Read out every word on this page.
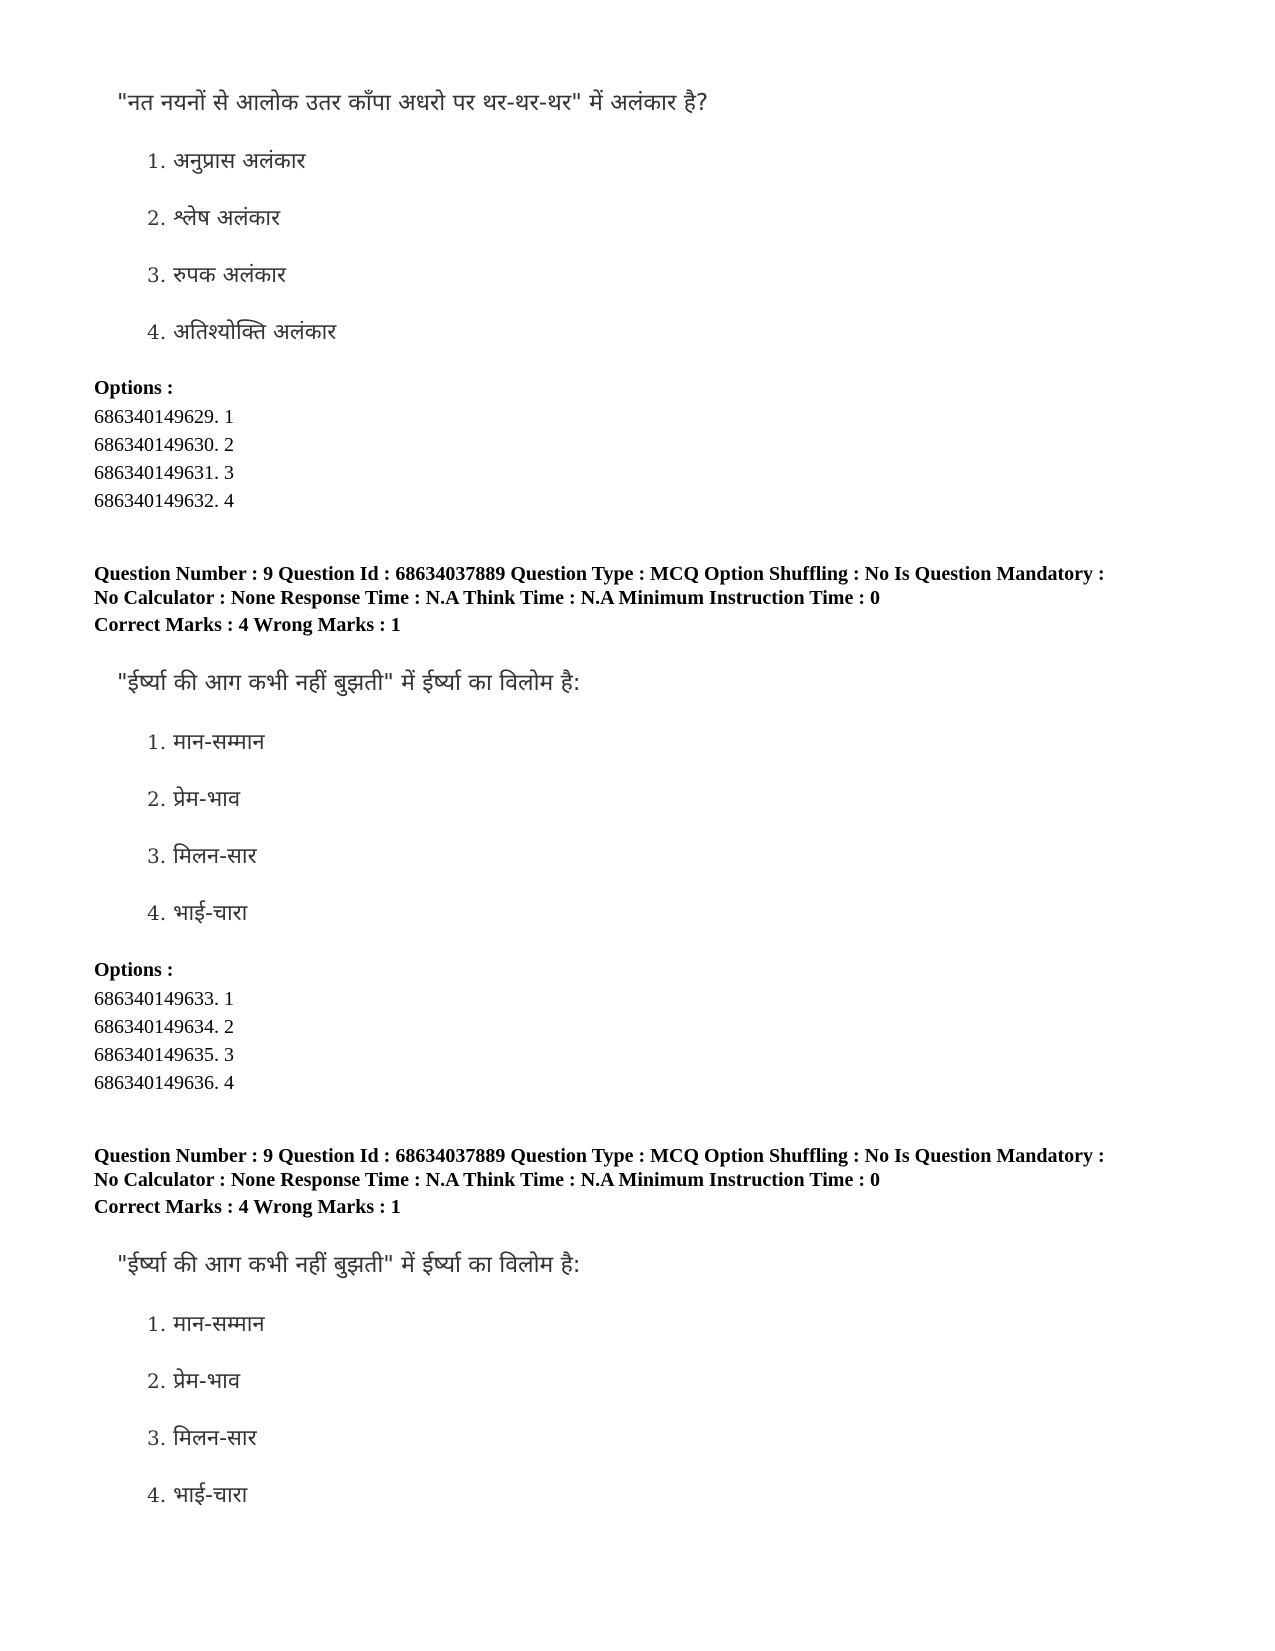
"नत नयनों से आलोक उतर काँपा अधरो पर थर-थर-थर" में अलंकार है?
1. अनुप्रास अलंकार
2. श्लेष अलंकार
3. रुपक अलंकार
4. अतिश्योक्ति अलंकार
Options :
686340149629. 1
686340149630. 2
686340149631. 3
686340149632. 4
Question Number : 9 Question Id : 68634037889 Question Type : MCQ Option Shuffling : No Is Question Mandatory :
No Calculator : None Response Time : N.A Think Time : N.A Minimum Instruction Time : 0
Correct Marks : 4 Wrong Marks : 1
"ईर्ष्या की आग कभी नहीं बुझती" में ईर्ष्या का विलोम है:
1. मान-सम्मान
2. प्रेम-भाव
3. मिलन-सार
4. भाई-चारा
Options :
686340149633. 1
686340149634. 2
686340149635. 3
686340149636. 4
Question Number : 9 Question Id : 68634037889 Question Type : MCQ Option Shuffling : No Is Question Mandatory :
No Calculator : None Response Time : N.A Think Time : N.A Minimum Instruction Time : 0
Correct Marks : 4 Wrong Marks : 1
"ईर्ष्या की आग कभी नहीं बुझती" में ईर्ष्या का विलोम है:
1. मान-सम्मान
2. प्रेम-भाव
3. मिलन-सार
4. भाई-चारा
